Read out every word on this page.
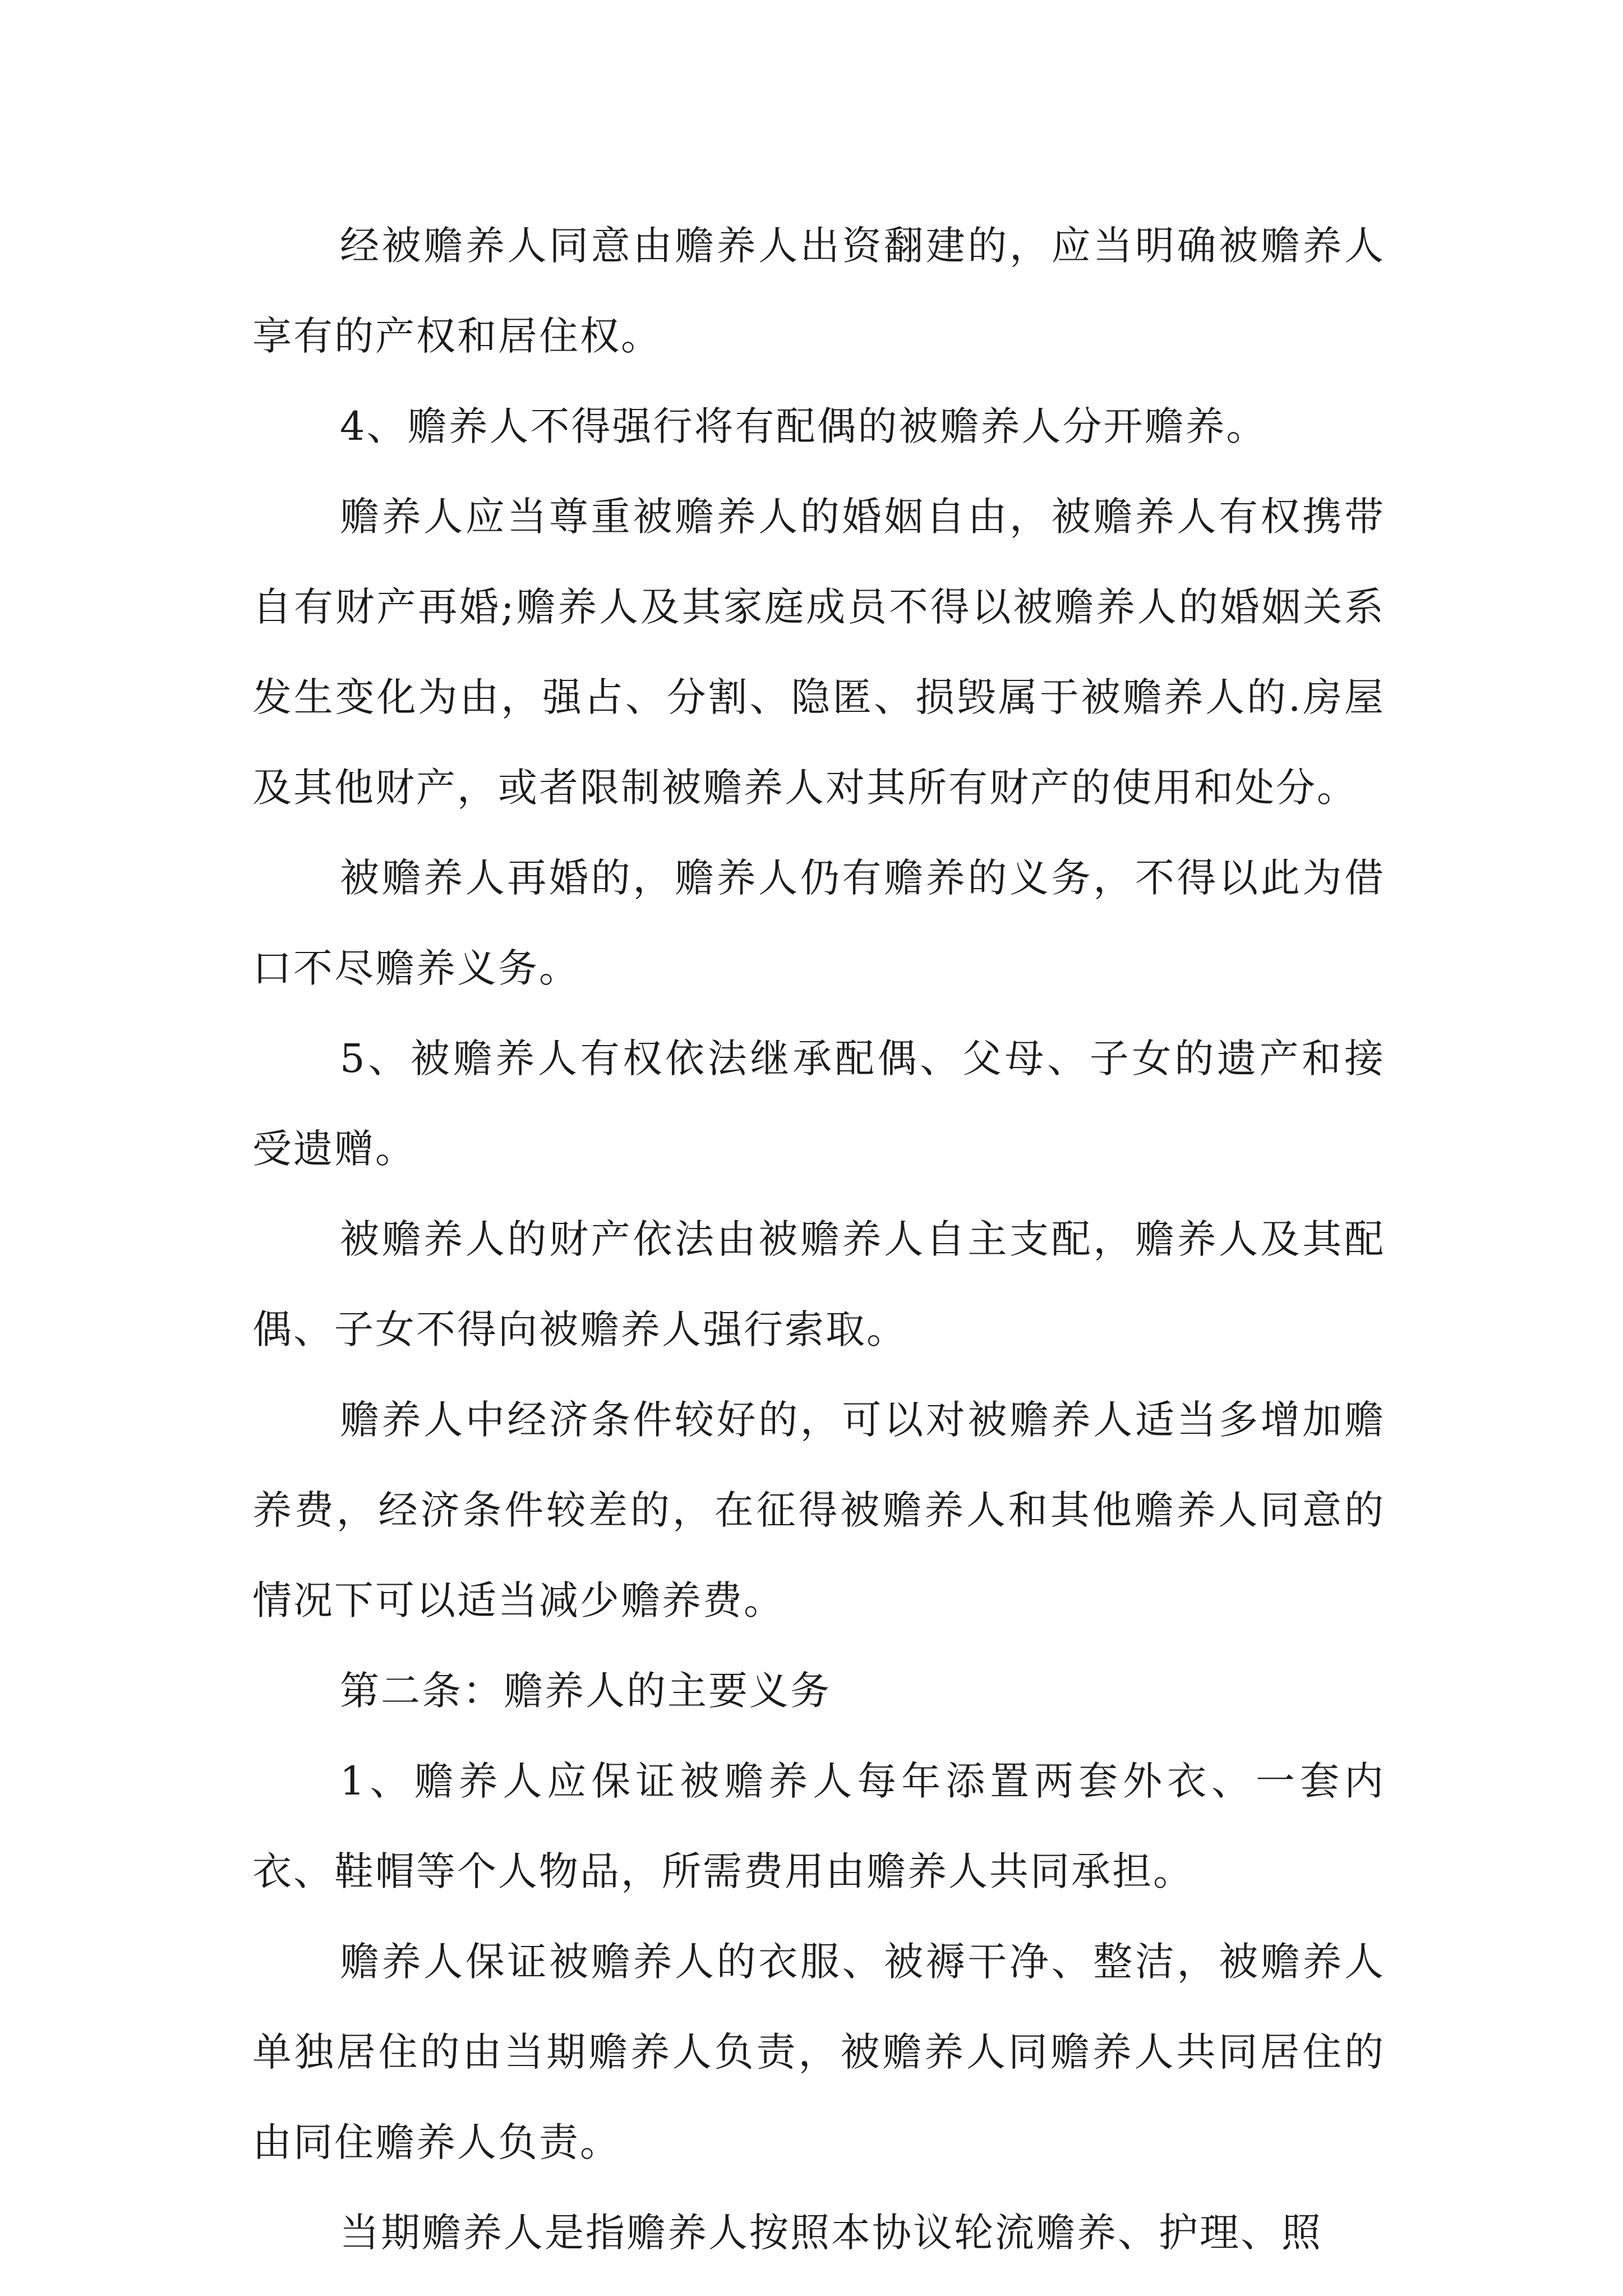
经被赡养人同意由赡养人出资翻建的，应当明确被赡养人享有的产权和居住权。

4、赡养人不得强行将有配偶的被赡养人分开赡养。

赡养人应当尊重被赡养人的婚姻自由，被赡养人有权携带自有财产再婚;赡养人及其家庭成员不得以被赡养人的婚姻关系发生变化为由，强占、分割、隐匿、损毁属于被赡养人的.房屋及其他财产，或者限制被赡养人对其所有财产的使用和处分。

被赡养人再婚的，赡养人仍有赡养的义务，不得以此为借口不尽赡养义务。

5、被赡养人有权依法继承配偶、父母、子女的遗产和接受遗赠。

被赡养人的财产依法由被赡养人自主支配，赡养人及其配偶、子女不得向被赡养人强行索取。

赡养人中经济条件较好的，可以对被赡养人适当多增加赡养费，经济条件较差的，在征得被赡养人和其他赡养人同意的情况下可以适当减少赡养费。

第二条：赡养人的主要义务

1、赡养人应保证被赡养人每年添置两套外衣、一套内衣、鞋帽等个人物品，所需费用由赡养人共同承担。

赡养人保证被赡养人的衣服、被褥干净、整洁，被赡养人单独居住的由当期赡养人负责，被赡养人同赡养人共同居住的由同住赡养人负责。

当期赡养人是指赡养人按照本协议轮流赡养、护理、照
